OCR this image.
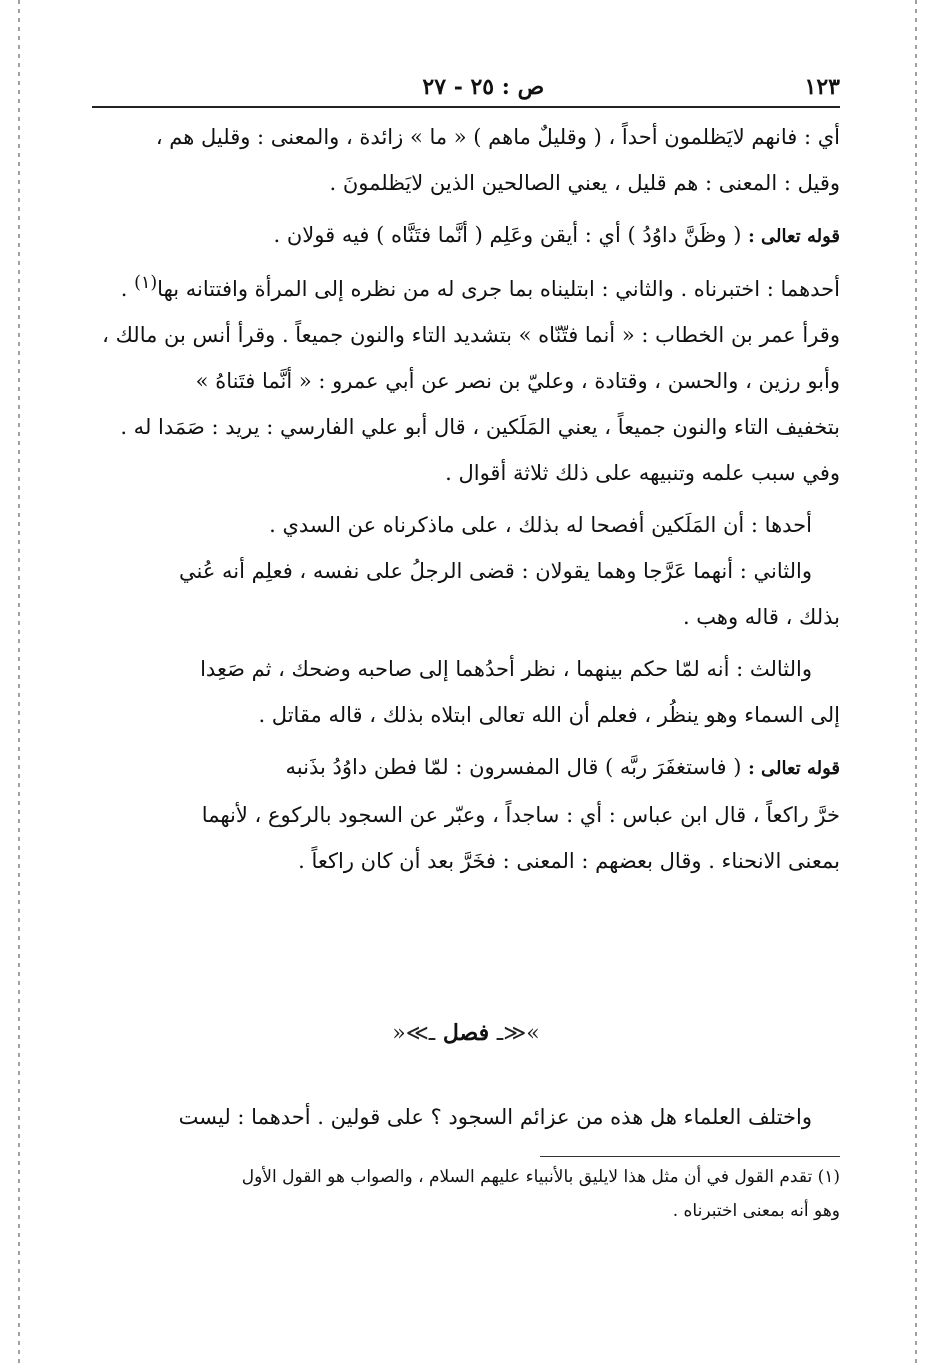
١٢٣
ص : ٢٥ - ٢٧

أي : فانهم لايَظلمون أحداً ، ( وقليلٌ ماهم ) « ما » زائدة ، والمعنى : وقليل هم ،

وقيل : المعنى : هم قليل ، يعني الصالحين الذين لايَظلمونَ .

قوله تعالى : ( وظَنَّ داوُدُ ) أي : أيقن وعَلِم ( أنَّما فتَنَّاه ) فيه قولان .

أحدهما : اختبرناه . والثاني : ابتليناه بما جرى له من نظره إلى المرأة وافتتانه بها$^{(١)}$ .

وقرأ عمر بن الخطاب : « أنما فتّنّاه » بتشديد التاء والنون جميعاً . وقرأ أنس بن مالك ،

وأبو رزين ، والحسن ، وقتادة ، وعليّ بن نصر عن أبي عمرو : « أنَّما فتَناهُ »

بتخفيف التاء والنون جميعاً ، يعني المَلَكين ، قال أبو علي الفارسي : يريد : صَمَدا له .

وفي سبب علمه وتنبيهه على ذلك ثلاثة أقوال .

أحدها : أن المَلَكين أفصحا له بذلك ، على ماذكرناه عن السدي .

والثاني : أنهما عَرَّجا وهما يقولان : قضى الرجلُ على نفسه ، فعلِم أنه عُني

بذلك ، قاله وهب .

والثالث : أنه لمّا حكم بينهما ، نظر أحدُهما إلى صاحبه وضحك ، ثم صَعِدا

إلى السماء وهو ينظُر ، فعلم أن الله تعالى ابتلاه بذلك ، قاله مقاتل .

قوله تعالى : ( فاستغفَرَ ربَّه ) قال المفسرون : لمّا فطن داوُدُ بذَنبه

خرَّ راكعاً ، قال ابن عباس : أي : ساجداً ، وعبّر عن السجود بالركوع ، لأنهما

بمعنى الانحناء . وقال بعضهم : المعنى : فخَرَّ بعد أن كان راكعاً .

»≪ـ فصل ـ≫«

واختلف العلماء هل هذه من عزائم السجود ؟ على قولين . أحدهما : ليست

(١) تقدم القول في أن مثل هذا لايليق بالأنبياء عليهم السلام ، والصواب هو القول الأول

وهو أنه بمعنى اختبرناه .
